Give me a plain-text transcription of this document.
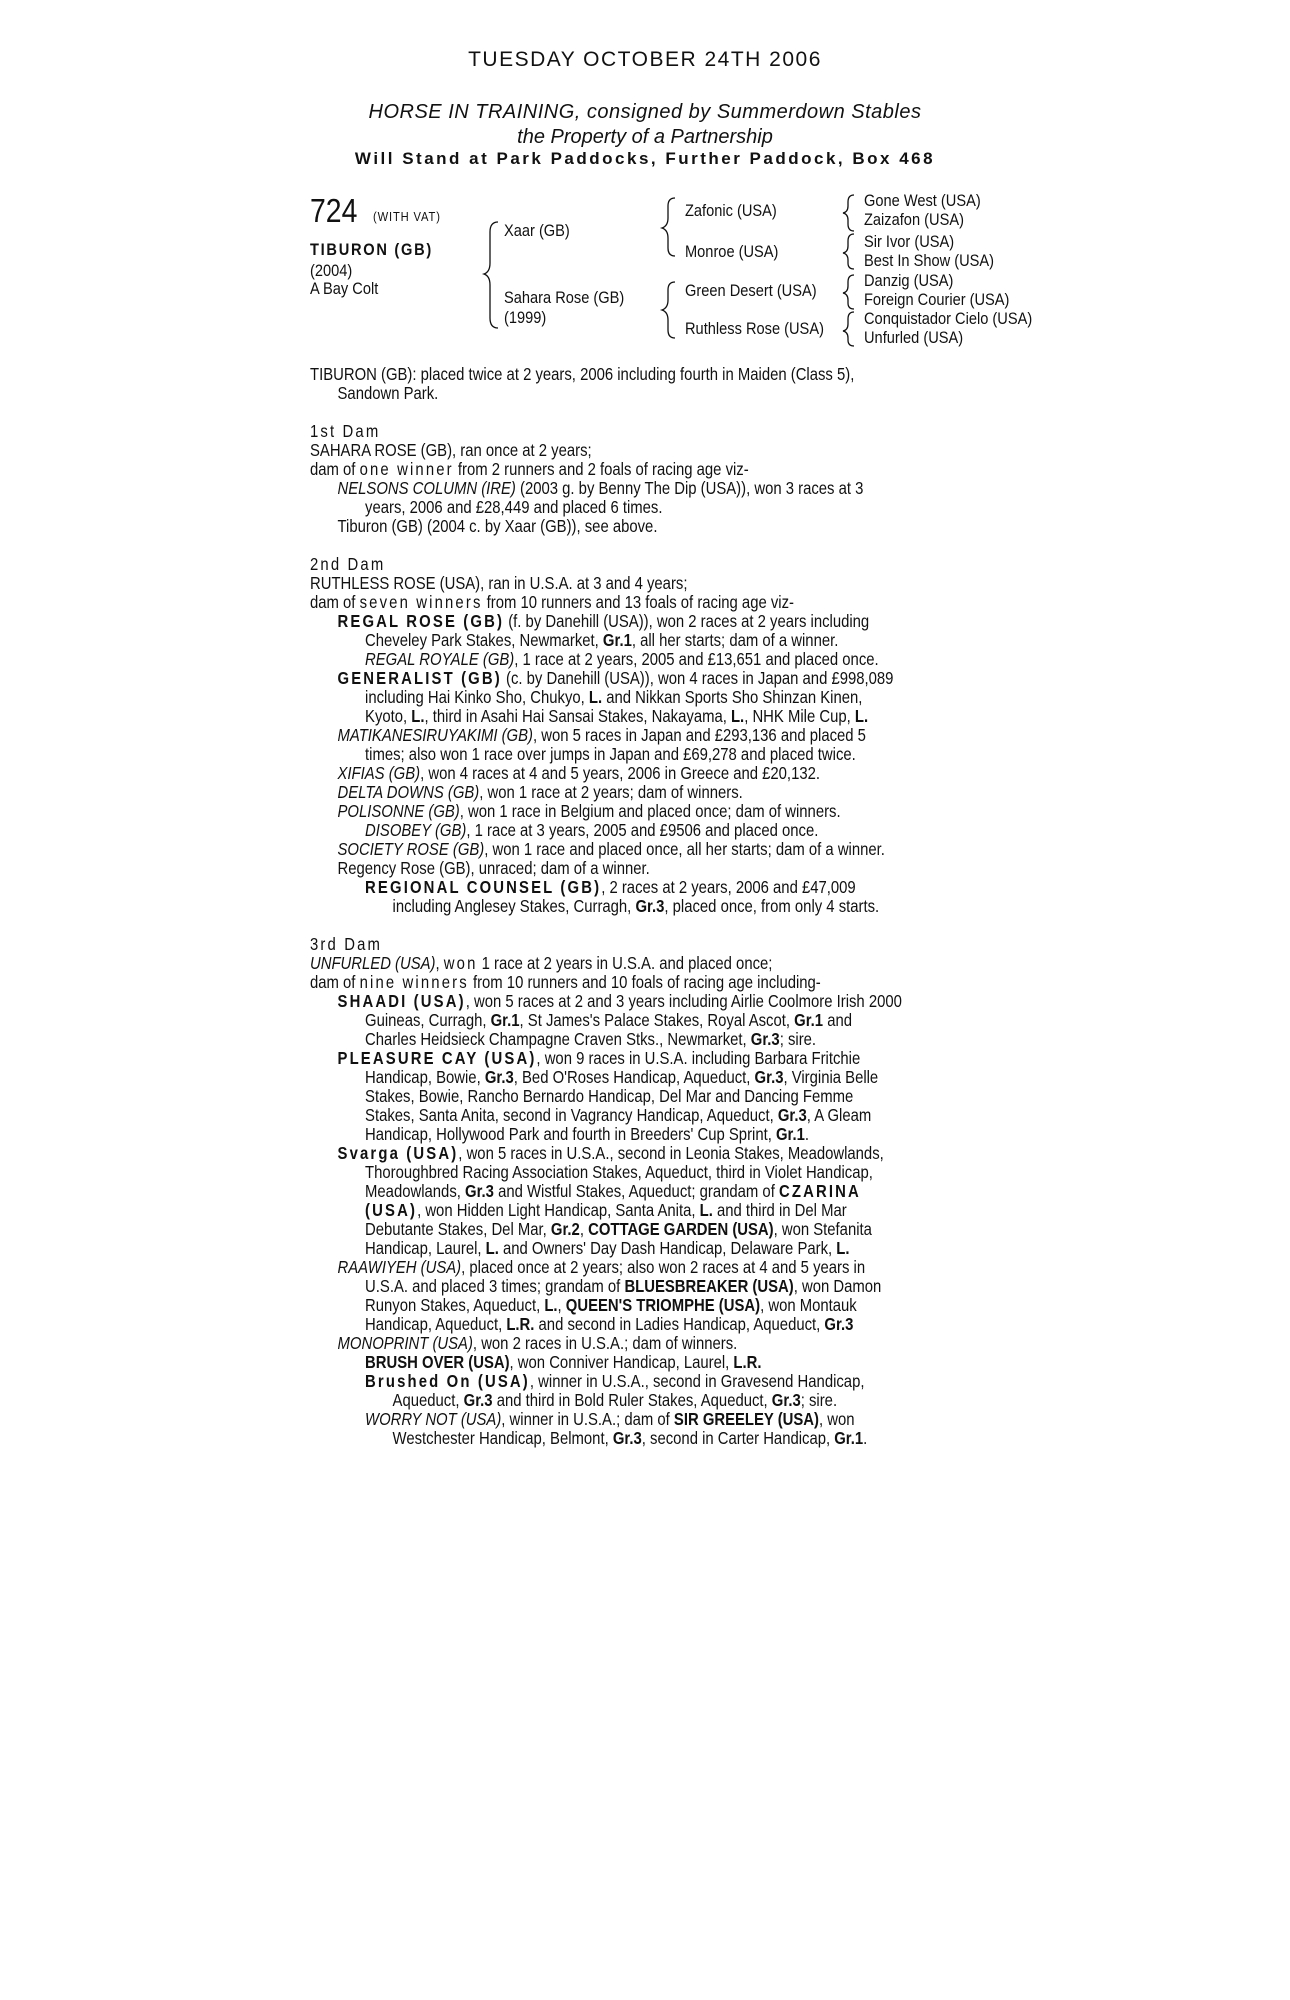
TUESDAY OCTOBER 24TH 2006
HORSE IN TRAINING, consigned by Summerdown Stables
the Property of a Partnership
Will Stand at Park Paddocks, Further Paddock, Box 468
724 (WITH VAT)
TIBURON (GB)
(2004)
A Bay Colt
Xaar (GB)
Sahara Rose (GB)
(1999)
Zafonic (USA)
Monroe (USA)
Green Desert (USA)
Ruthless Rose (USA)
Gone West (USA)
Zaizafon (USA)
Sir Ivor (USA)
Best In Show (USA)
Danzig (USA)
Foreign Courier (USA)
Conquistador Cielo (USA)
Unfurled (USA)

TIBURON (GB): placed twice at 2 years, 2006 including fourth in Maiden (Class 5),

Sandown Park.

1st Dam

SAHARA ROSE (GB), ran once at 2 years;

dam of one winner from 2 runners and 2 foals of racing age viz-

NELSONS COLUMN (IRE) (2003 g. by Benny The Dip (USA)), won 3 races at 3

years, 2006 and £28,449 and placed 6 times.

Tiburon (GB) (2004 c. by Xaar (GB)), see above.

2nd Dam

RUTHLESS ROSE (USA), ran in U.S.A. at 3 and 4 years;

dam of seven winners from 10 runners and 13 foals of racing age viz-

REGAL ROSE (GB) (f. by Danehill (USA)), won 2 races at 2 years including

Cheveley Park Stakes, Newmarket, Gr.1, all her starts; dam of a winner.

REGAL ROYALE (GB), 1 race at 2 years, 2005 and £13,651 and placed once.

GENERALIST (GB) (c. by Danehill (USA)), won 4 races in Japan and £998,089

including Hai Kinko Sho, Chukyo, L. and Nikkan Sports Sho Shinzan Kinen,

Kyoto, L., third in Asahi Hai Sansai Stakes, Nakayama, L., NHK Mile Cup, L.

MATIKANESIRUYAKIMI (GB), won 5 races in Japan and £293,136 and placed 5

times; also won 1 race over jumps in Japan and £69,278 and placed twice.

XIFIAS (GB), won 4 races at 4 and 5 years, 2006 in Greece and £20,132.

DELTA DOWNS (GB), won 1 race at 2 years; dam of winners.

POLISONNE (GB), won 1 race in Belgium and placed once; dam of winners.

DISOBEY (GB), 1 race at 3 years, 2005 and £9506 and placed once.

SOCIETY ROSE (GB), won 1 race and placed once, all her starts; dam of a winner.

Regency Rose (GB), unraced; dam of a winner.

REGIONAL COUNSEL (GB), 2 races at 2 years, 2006 and £47,009

including Anglesey Stakes, Curragh, Gr.3, placed once, from only 4 starts.

3rd Dam

UNFURLED (USA), won 1 race at 2 years in U.S.A. and placed once;

dam of nine winners from 10 runners and 10 foals of racing age including-

SHAADI (USA), won 5 races at 2 and 3 years including Airlie Coolmore Irish 2000

Guineas, Curragh, Gr.1, St James's Palace Stakes, Royal Ascot, Gr.1 and

Charles Heidsieck Champagne Craven Stks., Newmarket, Gr.3; sire.

PLEASURE CAY (USA), won 9 races in U.S.A. including Barbara Fritchie

Handicap, Bowie, Gr.3, Bed O'Roses Handicap, Aqueduct, Gr.3, Virginia Belle

Stakes, Bowie, Rancho Bernardo Handicap, Del Mar and Dancing Femme

Stakes, Santa Anita, second in Vagrancy Handicap, Aqueduct, Gr.3, A Gleam

Handicap, Hollywood Park and fourth in Breeders' Cup Sprint, Gr.1.

Svarga (USA), won 5 races in U.S.A., second in Leonia Stakes, Meadowlands,

Thoroughbred Racing Association Stakes, Aqueduct, third in Violet Handicap,

Meadowlands, Gr.3 and Wistful Stakes, Aqueduct; grandam of CZARINA

(USA), won Hidden Light Handicap, Santa Anita, L. and third in Del Mar

Debutante Stakes, Del Mar, Gr.2, COTTAGE GARDEN (USA), won Stefanita

Handicap, Laurel, L. and Owners' Day Dash Handicap, Delaware Park, L.

RAAWIYEH (USA), placed once at 2 years; also won 2 races at 4 and 5 years in

U.S.A. and placed 3 times; grandam of BLUESBREAKER (USA), won Damon

Runyon Stakes, Aqueduct, L., QUEEN'S TRIOMPHE (USA), won Montauk

Handicap, Aqueduct, L.R. and second in Ladies Handicap, Aqueduct, Gr.3

MONOPRINT (USA), won 2 races in U.S.A.; dam of winners.

BRUSH OVER (USA), won Conniver Handicap, Laurel, L.R.

Brushed On (USA), winner in U.S.A., second in Gravesend Handicap,

Aqueduct, Gr.3 and third in Bold Ruler Stakes, Aqueduct, Gr.3; sire.

WORRY NOT (USA), winner in U.S.A.; dam of SIR GREELEY (USA), won

Westchester Handicap, Belmont, Gr.3, second in Carter Handicap, Gr.1.
